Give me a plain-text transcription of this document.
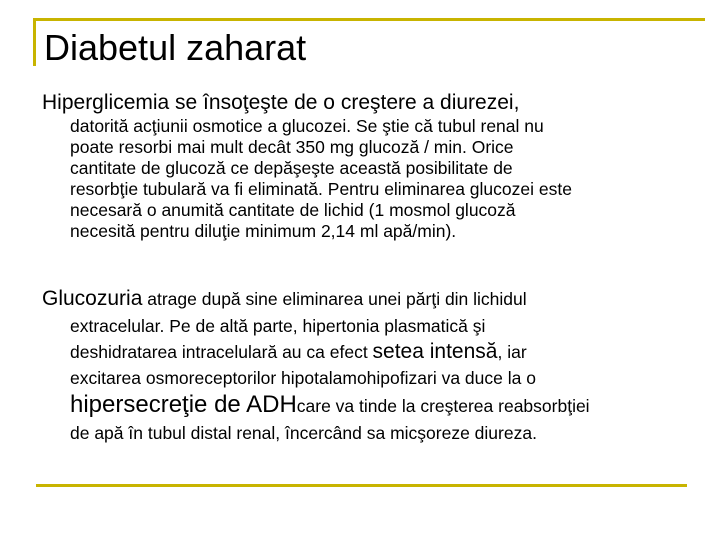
Diabetul zaharat
Hiperglicemia se însoţeşte de o creştere a diurezei,
datorită acţiunii osmotice a glucozei. Se ştie că tubul renal nu
poate resorbi mai mult decât 350 mg glucoză / min. Orice
cantitate de glucoză ce depăşeşte această posibilitate de
resorbţie tubulară va fi eliminată. Pentru eliminarea glucozei este
necesară o anumită cantitate de lichid (1 mosmol glucoză
necesită pentru diluţie minimum 2,14 ml apă/min).
Glucozuria atrage după sine eliminarea unei părţi din lichidul
extracelular. Pe de altă parte, hipertonia plasmatică şi
deshidratarea intracelulară au ca efect setea intensă, iar
excitarea osmoreceptorilor hipotalamohipofizari va duce la o
hipersecreţie de ADHcare va tinde la creşterea reabsorbţiei
de apă în tubul distal renal, încercând sa micşoreze diureza.
